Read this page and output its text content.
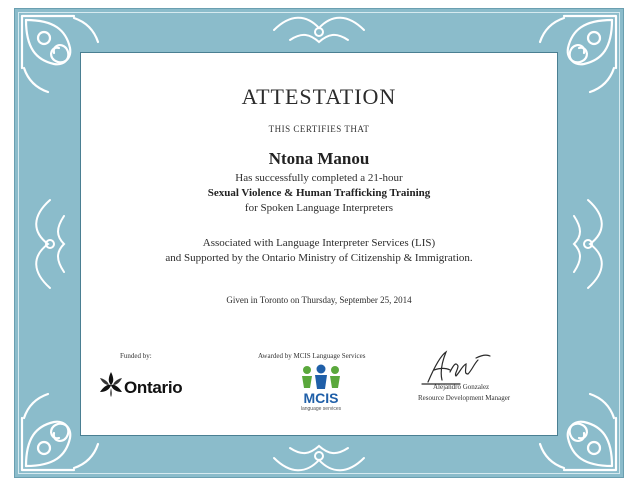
ATTESTATION
THIS CERTIFIES THAT
Ntona Manou
Has successfully completed a 21-hour
Sexual Violence & Human Trafficking Training
for Spoken Language Interpreters
Associated with Language Interpreter Services (LIS)
and Supported by the Ontario Ministry of Citizenship & Immigration.
Given in Toronto on Thursday, September 25, 2014
Funded by:	Awarded by MCIS Language Services
Ontario
MCIS
language services
Alejandro Gonzalez
Resource Development Manager
